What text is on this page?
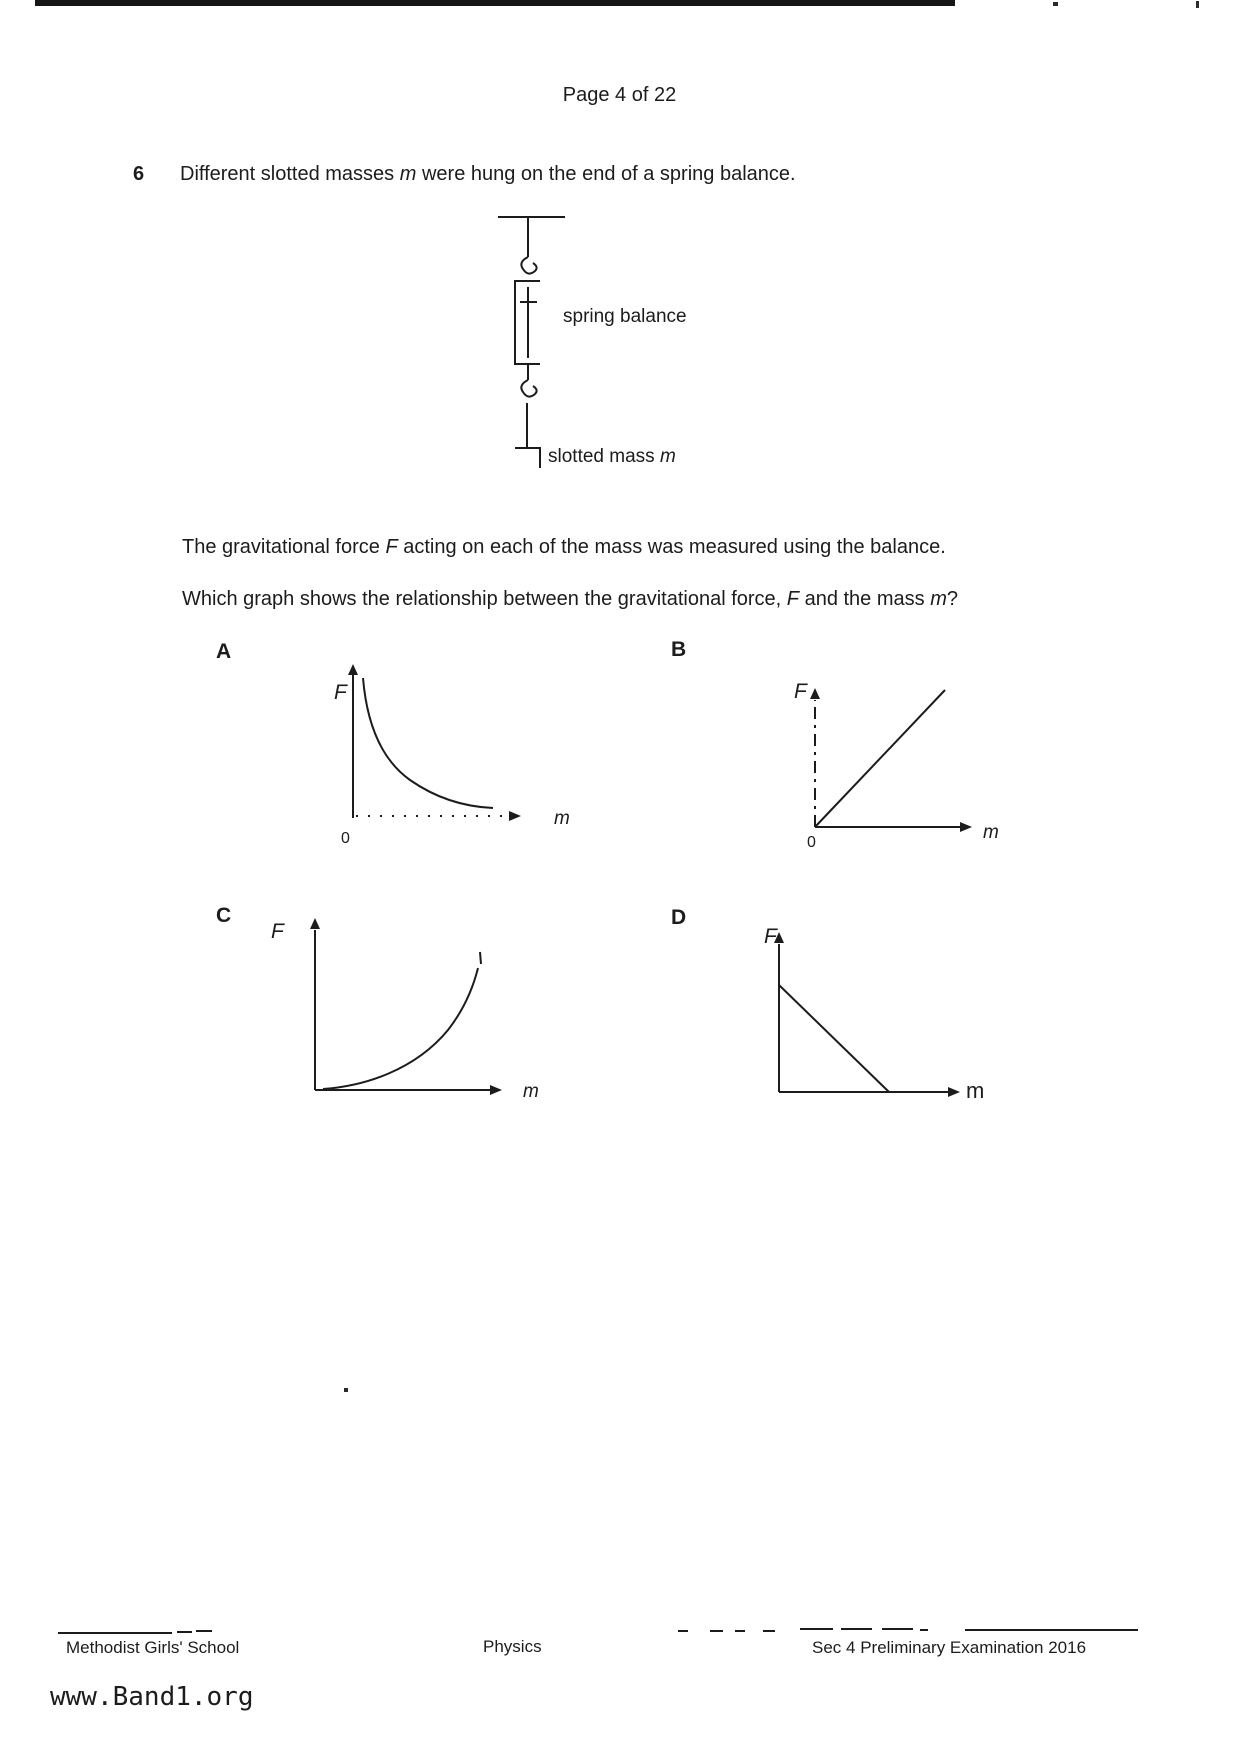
Page 4 of 22
6 Different slotted masses m were hung on the end of a spring balance.
spring balance
slotted mass m
The gravitational force F acting on each of the mass was measured using the balance.
Which graph shows the relationship between the gravitational force, F and the mass m?
A
F
0
m
B
F
0	m
C
F
m
D
F
m
Methodist Girls' School	Physics	Sec 4 Preliminary Examination 2016
www.Band1.org
